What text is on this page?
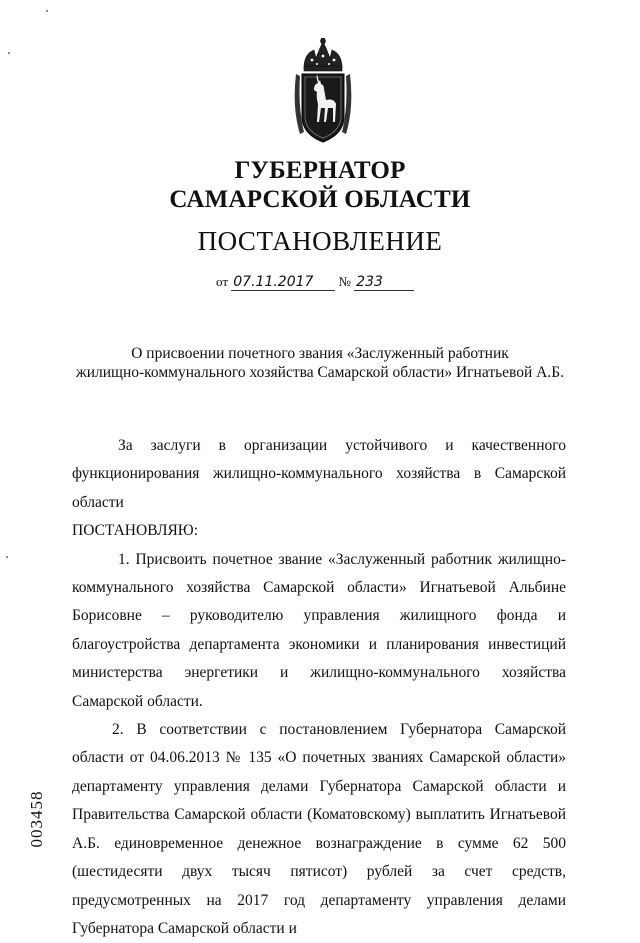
ГУБЕРНАТОР
САМАРСКОЙ ОБЛАСТИ
ПОСТАНОВЛЕНИЕ
от 07.11.2017 № 233
О присвоении почетного звания «Заслуженный работник
жилищно-коммунального хозяйства Самарской области» Игнатьевой А.Б.

За заслуги в организации устойчивого и качественного функционирования жилищно-коммунального хозяйства в Самарской области

ПОСТАНОВЛЯЮ:

1. Присвоить почетное звание «Заслуженный работник жилищно-коммунального хозяйства Самарской области» Игнатьевой Альбине Борисовне – руководителю управления жилищного фонда и благоустройства департамента экономики и планирования инвестиций министерства энергетики и жилищно-коммунального хозяйства Самарской области.

2. В соответствии с постановлением Губернатора Самарской области от 04.06.2013 № 135 «О почетных званиях Самарской области» департаменту управления делами Губернатора Самарской области и Правительства Самарской области (Коматовскому) выплатить Игнатьевой А.Б. единовременное денежное вознаграждение в сумме 62 500 (шестидесяти двух тысяч пятисот) рублей за счет средств, предусмотренных на 2017 год департаменту управления делами Губернатора Самарской области и

003458
